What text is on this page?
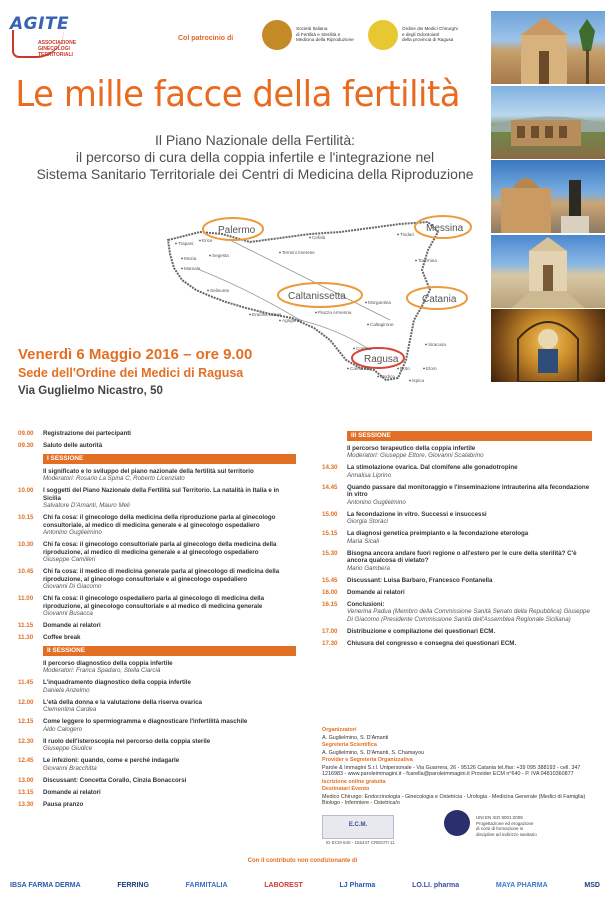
AGITE
ASSOCIAZIONE
GINECOLOGI
TERRITORIALI
Col patrocinio di
Società Italiana
di Fertilità e Sterilità e
Medicina della Riproduzione
Ordine dei Medici Chirurghi
e degli Odontoiatri
della provincia di Ragusa
Le mille facce della fertilità
Il Piano Nazionale della Fertilità:
il percorso di cura della coppia infertile e l'integrazione nel
Sistema Sanitario Territoriale dei Centri di Medicina della Riproduzione
Palermo	Messina
Caltanissetta	Catania
Ragusa
Trapani
Erice
Segesta
Mozia
Marsala
Cefalù
Termini Imerese
Tindari
Taormina
Selinunte
Eraclea Minoa
Agrigento
Piazza Armerina
Morgantina
Caltagirone
Siracusa
Comiso
Camarina
Modica
Noto	Eloro
Ispica
Venerdì 6 Maggio 2016 – ore 9.00
Sede dell'Ordine dei Medici di Ragusa
Via Guglielmo Nicastro, 50
09.00	Registrazione dei partecipanti
09.30	Saluto delle autorità
I SESSIONE
Il significato e lo sviluppo del piano nazionale della fertilità sul territorio
Moderatori: Rosario La Spina C, Roberto Licenziato
10.00	I soggetti del Piano Nazionale della Fertilità sul Territorio. La natalità in Italia e in Sicilia
Salvatore D'Amanti, Mauro Meli
10.15	Chi fa cosa: il ginecologo della medicina della riproduzione parla al ginecologo consultoriale, al medico di medicina generale e al ginecologo ospedaliero
Antonino Guglielmino
10.30	Chi fa cosa: il ginecologo consultoriale parla al ginecologo della medicina della riproduzione, al medico di medicina generale e al ginecologo ospedaliero
Giuseppe Camilleri
10.45	Chi fa cosa: il medico di medicina generale parla al ginecologo di medicina della riproduzione, al ginecologo consultoriale e al ginecologo ospedaliero
Giovanni Di Giacomo
11.00	Chi fa cosa: il ginecologo ospedaliero parla al ginecologo di medicina della riproduzione, al ginecologo consultoriale e al medico di medicina generale
Giovanni Busacca
11.15	Domande ai relatori
11.30	Coffee break
II SESSIONE
Il percorso diagnostico della coppia infertile
Moderatori: Franca Spadaro, Stella Ciarcià
11.45	L'inquadramento diagnostico della coppia infertile
Daniela Anzelmo
12.00	L'età della donna e la valutazione della riserva ovarica
Clementina Cardea
12.15	Come leggere lo spermiogramma e diagnosticare l'infertilità maschile
Aldo Calogero
12.30	Il ruolo dell'isteroscopia nel percorso della coppia sterile
Giuseppe Giudice
12.45	Le infezioni: quando, come e perché indagarle
Giovanni Bracchitta
13.00	Discussant: Concetta Corallo, Cinzia Bonaccorsi
13.15	Domande ai relatori
13.30	Pausa pranzo
III SESSIONE
Il percorso terapeutico della coppia infertile
Moderatori: Giuseppe Ettore, Giovanni Scalabrino
14.30	La stimolazione ovarica. Dal clomifene alle gonadotropine
Annalisa Liprino
14.45	Quando passare dal monitoraggio e l'inseminazione intrauterina alla fecondazione in vitro
Antonino Guglielmino
15.00	La fecondazione in vitro. Successi e insuccessi
Giorgia Storaci
15.15	La diagnosi genetica preimpianto e la fecondazione eterologa
Maria Sicali
15.30	Bisogna ancora andare fuori regione o all'estero per le cure della sterilità? C'è ancora qualcosa di vietato?
Mario Gambera
15.45	Discussant: Luisa Barbaro, Francesco Fontanella
16.00	Domande ai relatori
16.15	Conclusioni:
Venerina Padua (Membro della Commissione Sanità Senato della Repubblica) Giuseppe Di Giacomo (Presidente Commissione Sanità dell'Assemblea Regionale Siciliana)
17.00	Distribuzione e compilazione dei questionari ECM.
17.30	Chiusura del congresso e consegna dei questionari ECM.
Organizzatori
A. Guglielmino, S. D'Amanti
Segreteria Scientifica
A. Guglielmino, S. D'Amanti, S. Chamayou
Provider e Segreteria Organizzativa
Parole & Immagini S.r.l. Unipersonale - Via Guarrera, 26 - 95126 Catania tel./fax: +39 095 388193 - cell. 347 1216983 - www.paroleimmagini.it - fcarella@paroleimmagini.it Provider ECM n°640 - P. IVA 04810360877
Iscrizione online gratuita
Destinatari Evento
Medico Chirurgo: Endocrinologia - Ginecologia e Ostetricia - Urologia - Medicina Generale (Medici di Famiglia) Biologo - Infermiere - Ostetrica/o
E.C.M.
ID ECM 640 - 155437 CREDITI 11
UNI EN ISO 9001:2008
Progettazione ed erogazione
di corsi di formazione in
discipline ad indirizzo sanitario
Con il contributo non condizionante di
IBSA FARMA DERMA	FERRING	FARMITALIA	LABOREST	LJ Pharma	LO.LI. pharma	MAYA PHARMA	MSD
